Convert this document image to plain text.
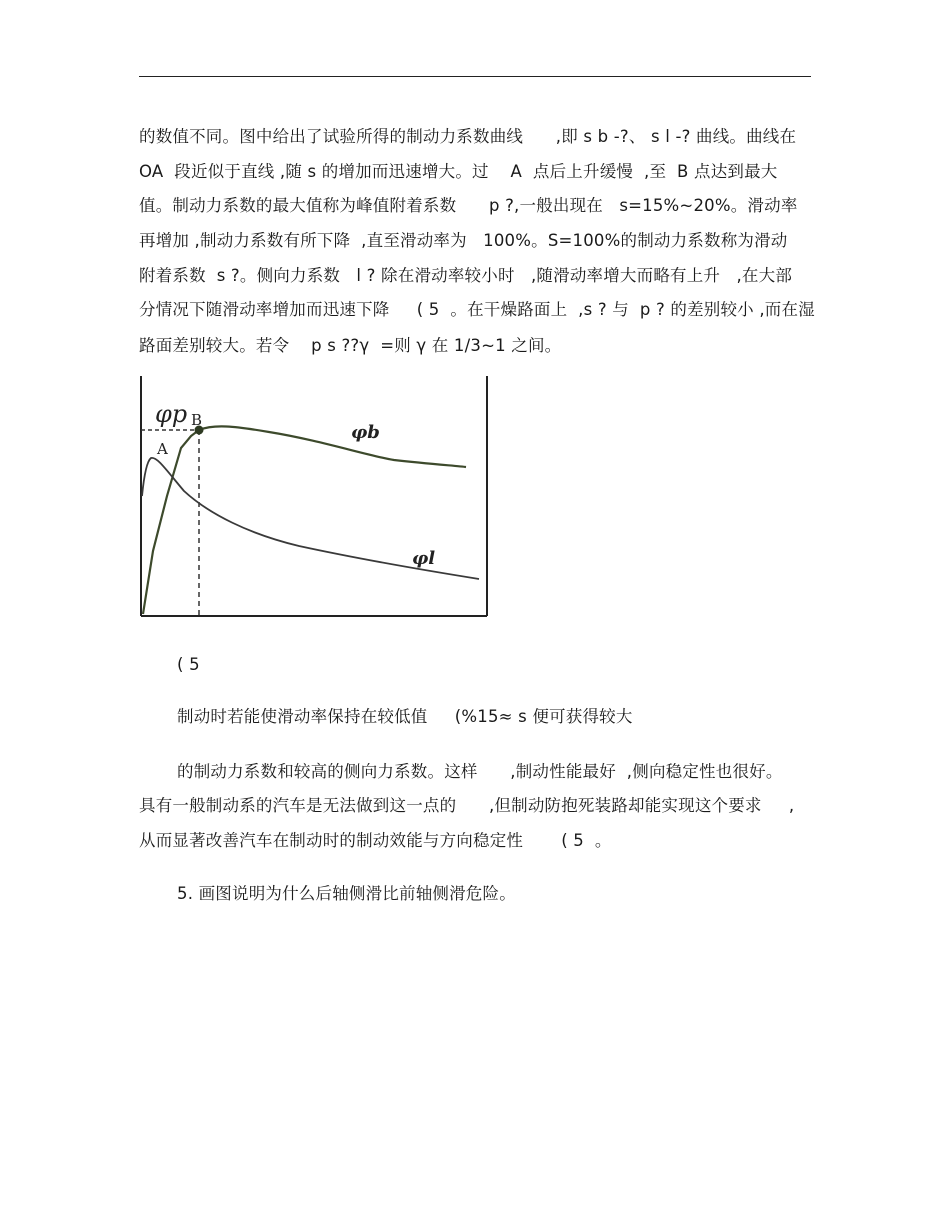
的数值不同。图中给出了试验所得的制动力系数曲线      ,即 s b -?、 s l -? 曲线。曲线在
OA  段近似于直线 ,随 s 的增加而迅速增大。过    A  点后上升缓慢  ,至  B 点达到最大
值。制动力系数的最大值称为峰值附着系数      p ?,一般出现在   s=15%~20%。滑动率
再增加 ,制动力系数有所下降  ,直至滑动率为   100%。S=100%的制动力系数称为滑动
附着系数  s ?。侧向力系数   l ? 除在滑动率较小时   ,随滑动率增大而略有上升   ,在大部
分情况下随滑动率增加而迅速下降     ( 5  。在干燥路面上  ,s ? 与  p ? 的差别较小 ,而在湿
路面差别较大。若令    p s ??γ  =则 γ 在 1/3~1 之间。
φp B
A
φb
φl
( 5
制动时若能使滑动率保持在较低值     (%15≈ s 便可获得较大
的制动力系数和较高的侧向力系数。这样      ,制动性能最好  ,侧向稳定性也很好。
具有一般制动系的汽车是无法做到这一点的      ,但制动防抱死装路却能实现这个要求     ,
从而显著改善汽车在制动时的制动效能与方向稳定性       ( 5  。
5. 画图说明为什么后轴侧滑比前轴侧滑危险。
